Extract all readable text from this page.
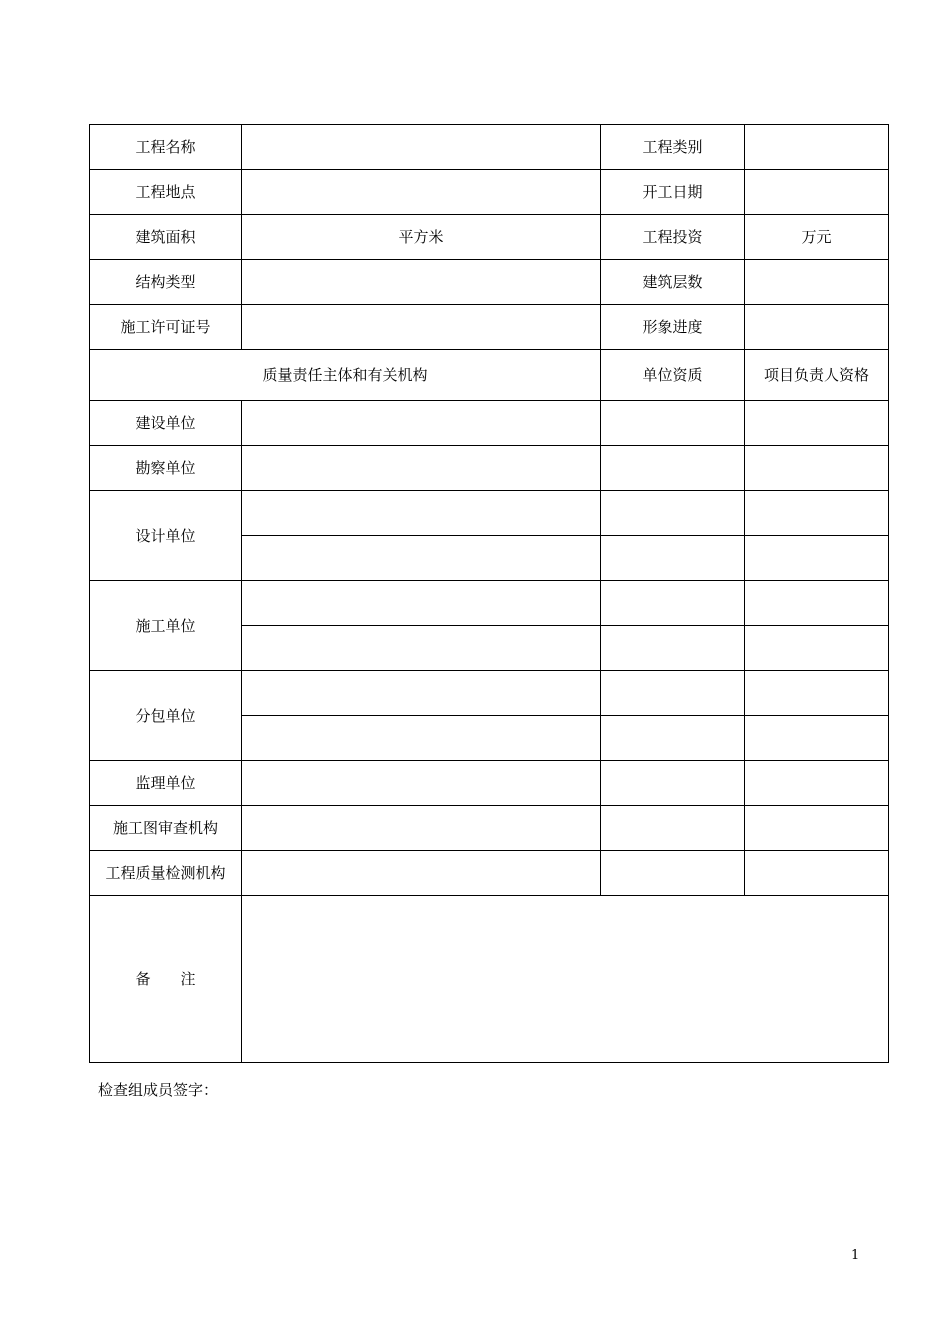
工程名称		工程类别	
工程地点		开工日期	
建筑面积	平方米	工程投资	万元
结构类型		建筑层数	
施工许可证号		形象进度	
质量责任主体和有关机构		单位资质	项目负责人资格
建设单位			
勘察单位			
设计单位			

施工单位			

分包单位			

监理单位			
施工图审查机构			
工程质量检测机构			
备　　注			
检查组成员签字：
1
